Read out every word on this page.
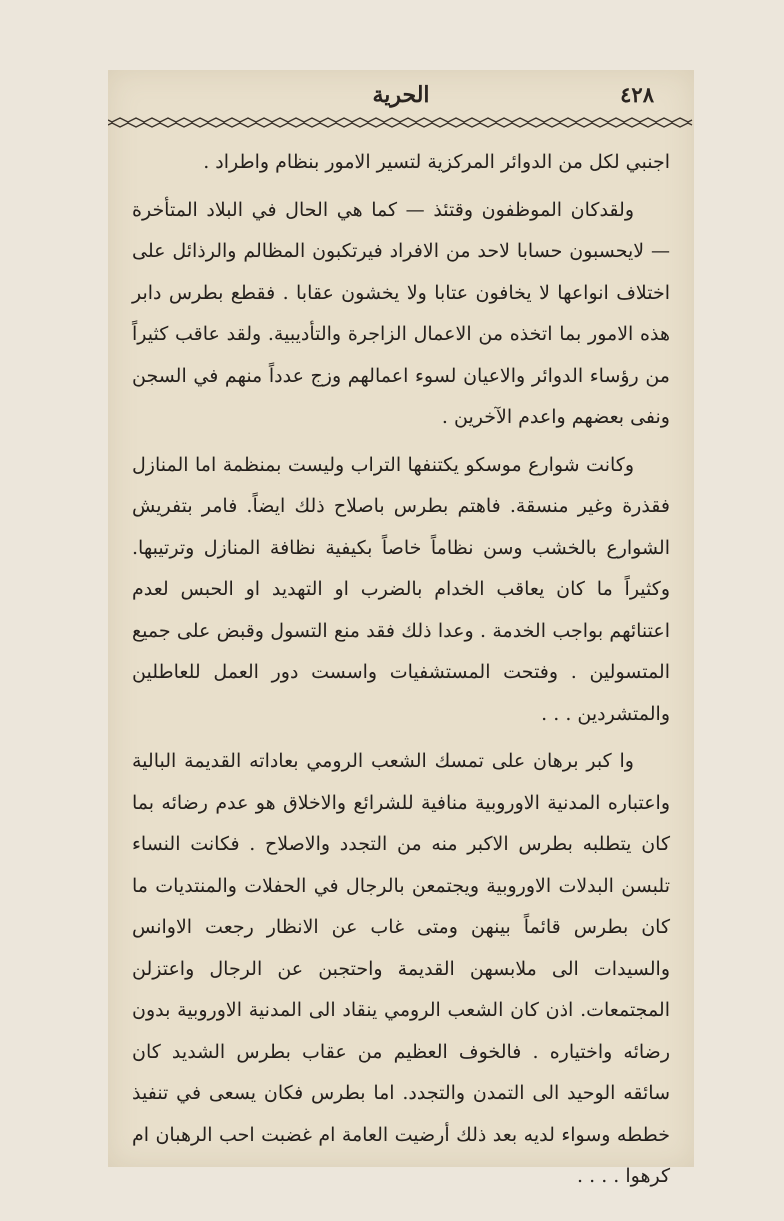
٤٢٨
الحرية

اجنبي لكل من الدوائر المركزية لتسير الامور بنظام واطراد .

ولقدكان الموظفون وقتئذ — كما هي الحال في البلاد المتأخرة — لايحسبون حسابا لاحد من الافراد فيرتكبون المظالم والرذائل على اختلاف انواعها لا يخافون عتابا ولا يخشون عقابا . فقطع بطرس دابر هذه الامور بما اتخذه من الاعمال الزاجرة والتأديبية. ولقد عاقب كثيراً من رؤساء الدوائر والاعيان لسوء اعمالهم وزج عدداً منهم في السجن ونفى بعضهم واعدم الآخرين .

وكانت شوارع موسكو يكتنفها التراب وليست بمنظمة اما المنازل فقذرة وغير منسقة. فاهتم بطرس باصلاح ذلك ايضاً. فامر بتفريش الشوارع بالخشب وسن نظاماً خاصاً بكيفية نظافة المنازل وترتيبها. وكثيراً ما كان يعاقب الخدام بالضرب او التهديد او الحبس لعدم اعتنائهم بواجب الخدمة . وعدا ذلك فقد منع التسول وقبض على جميع المتسولين . وفتحت المستشفيات واسست دور العمل للعاطلين والمتشردين . . .

وا كبر برهان على تمسك الشعب الرومي بعاداته القديمة البالية واعتباره المدنية الاوروبية منافية للشرائع والاخلاق هو عدم رضائه بما كان يتطلبه بطرس الاكبر منه من التجدد والاصلاح . فكانت النساء تلبسن البدلات الاوروبية ويجتمعن بالرجال في الحفلات والمنتديات ما كان بطرس قائماً بينهن ومتى غاب عن الانظار رجعت الاوانس والسيدات الى ملابسهن القديمة واحتجبن عن الرجال واعتزلن المجتمعات. اذن كان الشعب الرومي ينقاد الى المدنية الاوروبية بدون رضائه واختياره . فالخوف العظيم من عقاب بطرس الشديد كان سائقه الوحيد الى التمدن والتجدد. اما بطرس فكان يسعى في تنفيذ خططه وسواء لديه بعد ذلك أرضيت العامة ام غضبت احب الرهبان ام كرهوا . . . .
